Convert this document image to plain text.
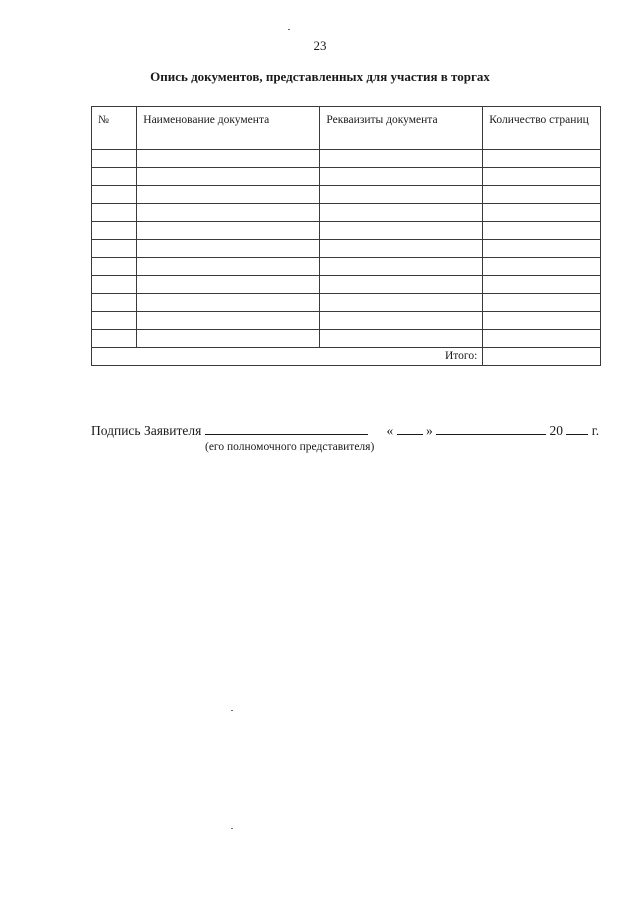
23
Опись документов, представленных для участия в торгах
№	Наименование документа	Рекваизиты документа	Количество страниц

Итого:			
Подпись Заявителя	« »	20 г.
(его полномочного представителя)
